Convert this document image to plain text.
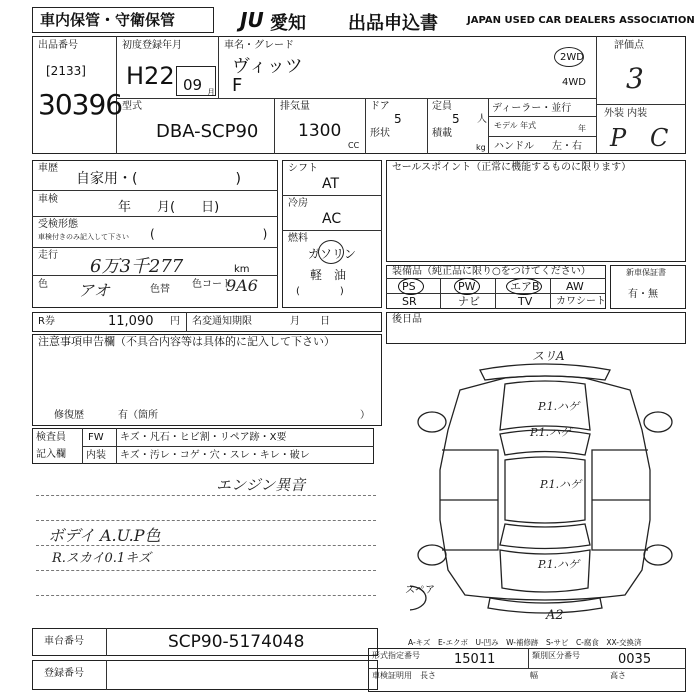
車内保管・守衛保管	JU 愛知 出品申込書	JAPAN USED CAR DEALERS ASSOCIATION
出品番号
[2133]
30396
初度登録年月
H22 09 月
車名・グレード
ヴィッツ
F
2WD
4WD
評価点
3
外装 内装
P C
型式
DBA-SCP90
排気量
1300
CC
ドア
5
形状
定員
5 人
積載
kg
ディーラー・並行
モデル 年式	年
ハンドル 左・右
車歴
自家用・(　　　　　　　)
車検
年　　月(　　日)
受検形態
車検付きのみ記入して下さい (　　　　　　　　　)
走行
6万3千277	km
色 アオ	色替 色コード
9A6
シフト
AT
冷房
AC
燃料
ガソリン
軽　油
(　　　　)
セールスポイント（正常に機能するものに限ります）
装備品（純正品に限り○をつけてください）
PS	PW	エアB AW
SR	ナビ	TV カワシート
新車保証書
有・無
後日品
R券	11,090 円 名変通知期限	月　　日
注意事項申告欄（不具合内容等は具体的に記入して下さい）
修復歴	有（箇所	）
検査員
記入欄
FW キズ・凡石・ヒビ割・リペア跡・X要
内装 キズ・汚レ・コゲ・穴・スレ・キレ・破レ
エンジン異音
ボデイ A.U.P色
R.スカイ0.1キズ
スリA
P.1.ハゲ
P.1.ハゲ
P.1.ハゲ
P.1.ハゲ
A2
スペア
A-キズ　E-エクボ　U-凹み　W-補修跡　S-サビ　C-腐食　XX-交換済
車台番号	SCP90-5174048
登録番号
形式指定番号	15011	類別区分番号	0035
車検証明用 長さ	幅	高さ
